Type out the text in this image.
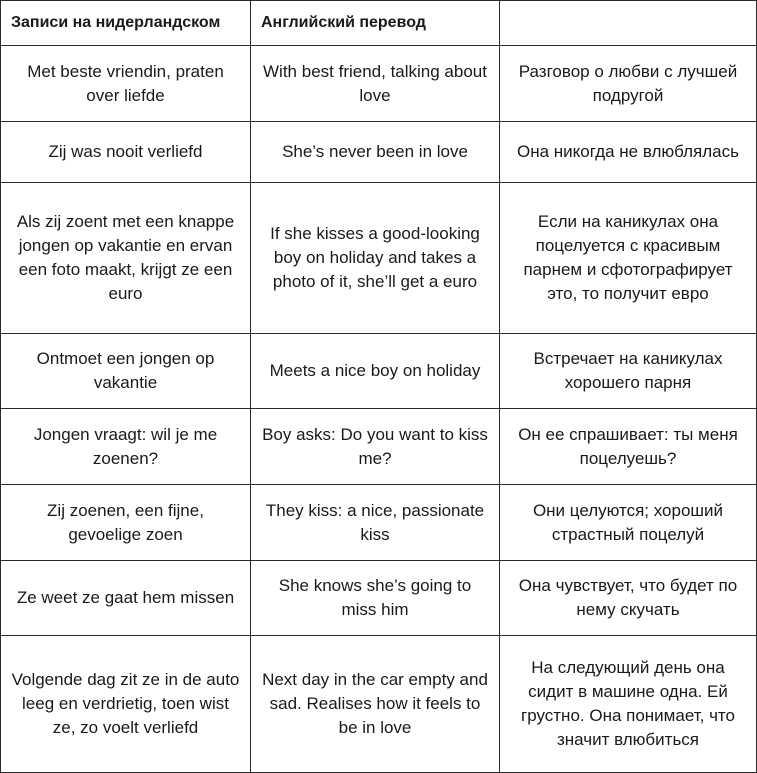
Записи на нидерландском	Английский перевод	
Met beste vriendin, praten over liefde	With best friend, talking about love	Разговор о любви с лучшей подругой
Zij was nooit verliefd	She’s never been in love	Она никогда не влюблялась
Als zij zoent met een knappe jongen op vakantie en ervan een foto maakt, krijgt ze een euro	If she kisses a good-looking boy on holiday and takes a photo of it, she’ll get a euro	Если на каникулах она поцелуется с красивым парнем и сфотографирует это, то получит евро
Ontmoet een jongen op vakantie	Meets a nice boy on holiday	Встречает на каникулах хорошего парня
Jongen vraagt: wil je me zoenen?	Boy asks: Do you want to kiss me?	Он ее спрашивает: ты меня поцелуешь?
Zij zoenen, een fijne, gevoelige zoen	They kiss: a nice, passionate kiss	Они целуются; хороший страстный поцелуй
Ze weet ze gaat hem missen	She knows she’s going to miss him	Она чувствует, что будет по нему скучать
Volgende dag zit ze in de auto leeg en verdrietig, toen wist ze, zo voelt verliefd	Next day in the car empty and sad. Realises how it feels to be in love	На следующий день она сидит в машине одна. Ей грустно. Она понимает, что значит влюбиться
